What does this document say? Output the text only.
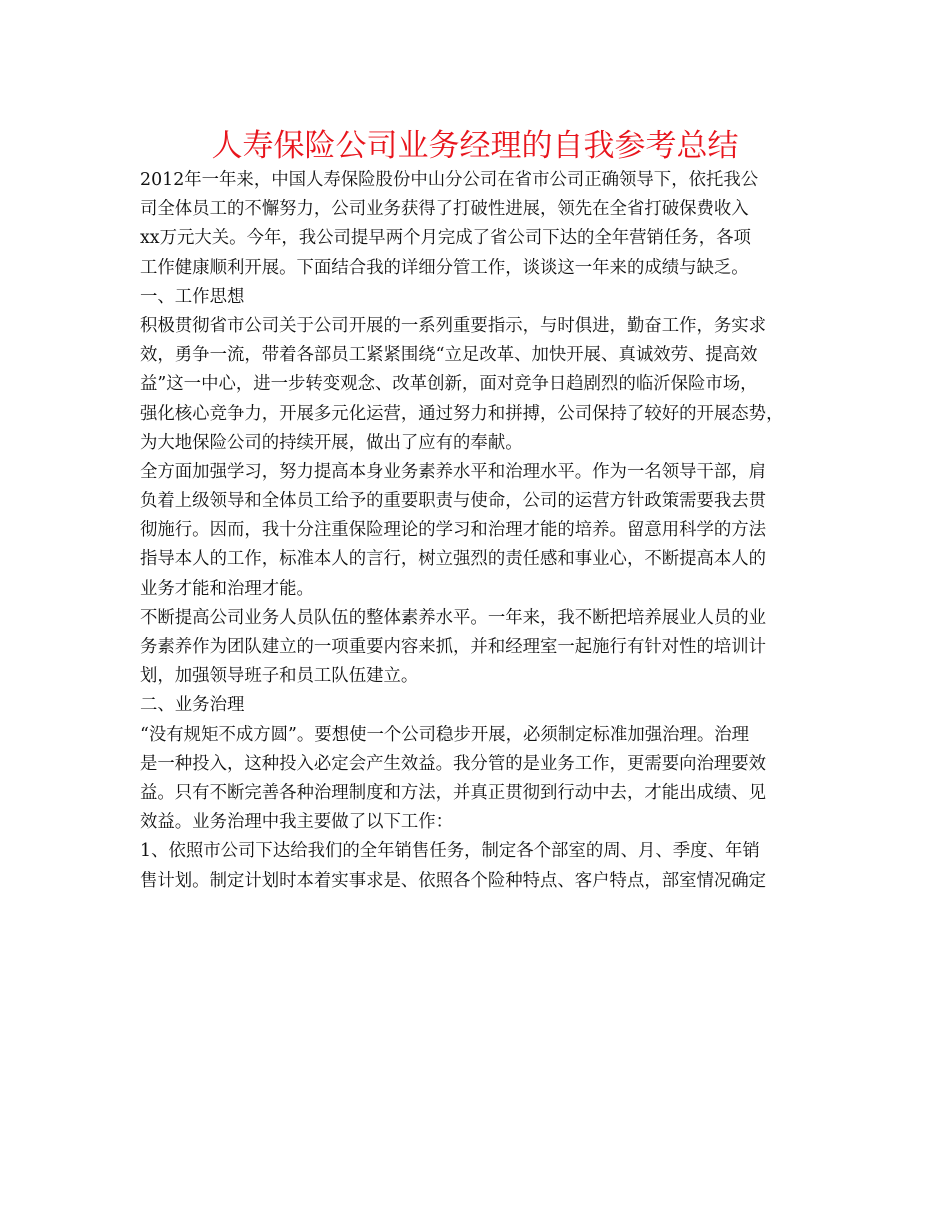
人寿保险公司业务经理的自我参考总结
2012年一年来，中国人寿保险股份中山分公司在省市公司正确领导下，依托我公
司全体员工的不懈努力，公司业务获得了打破性进展，领先在全省打破保费收入
xx万元大关。今年，我公司提早两个月完成了省公司下达的全年营销任务，各项
工作健康顺利开展。下面结合我的详细分管工作，谈谈这一年来的成绩与缺乏。
一、工作思想
积极贯彻省市公司关于公司开展的一系列重要指示，与时俱进，勤奋工作，务实求
效，勇争一流，带着各部员工紧紧围绕“立足改革、加快开展、真诚效劳、提高效
益”这一中心，进一步转变观念、改革创新，面对竞争日趋剧烈的临沂保险市场，
强化核心竞争力，开展多元化运营，通过努力和拼搏，公司保持了较好的开展态势，
为大地保险公司的持续开展，做出了应有的奉献。
全方面加强学习，努力提高本身业务素养水平和治理水平。作为一名领导干部，肩
负着上级领导和全体员工给予的重要职责与使命，公司的运营方针政策需要我去贯
彻施行。因而，我十分注重保险理论的学习和治理才能的培养。留意用科学的方法
指导本人的工作，标准本人的言行，树立强烈的责任感和事业心，不断提高本人的
业务才能和治理才能。
不断提高公司业务人员队伍的整体素养水平。一年来，我不断把培养展业人员的业
务素养作为团队建立的一项重要内容来抓，并和经理室一起施行有针对性的培训计
划，加强领导班子和员工队伍建立。
二、业务治理
“没有规矩不成方圆”。要想使一个公司稳步开展，必须制定标准加强治理。治理
是一种投入，这种投入必定会产生效益。我分管的是业务工作，更需要向治理要效
益。只有不断完善各种治理制度和方法，并真正贯彻到行动中去，才能出成绩、见
效益。业务治理中我主要做了以下工作：
1、依照市公司下达给我们的全年销售任务，制定各个部室的周、月、季度、年销
售计划。制定计划时本着实事求是、依照各个险种特点、客户特点，部室情况确定
